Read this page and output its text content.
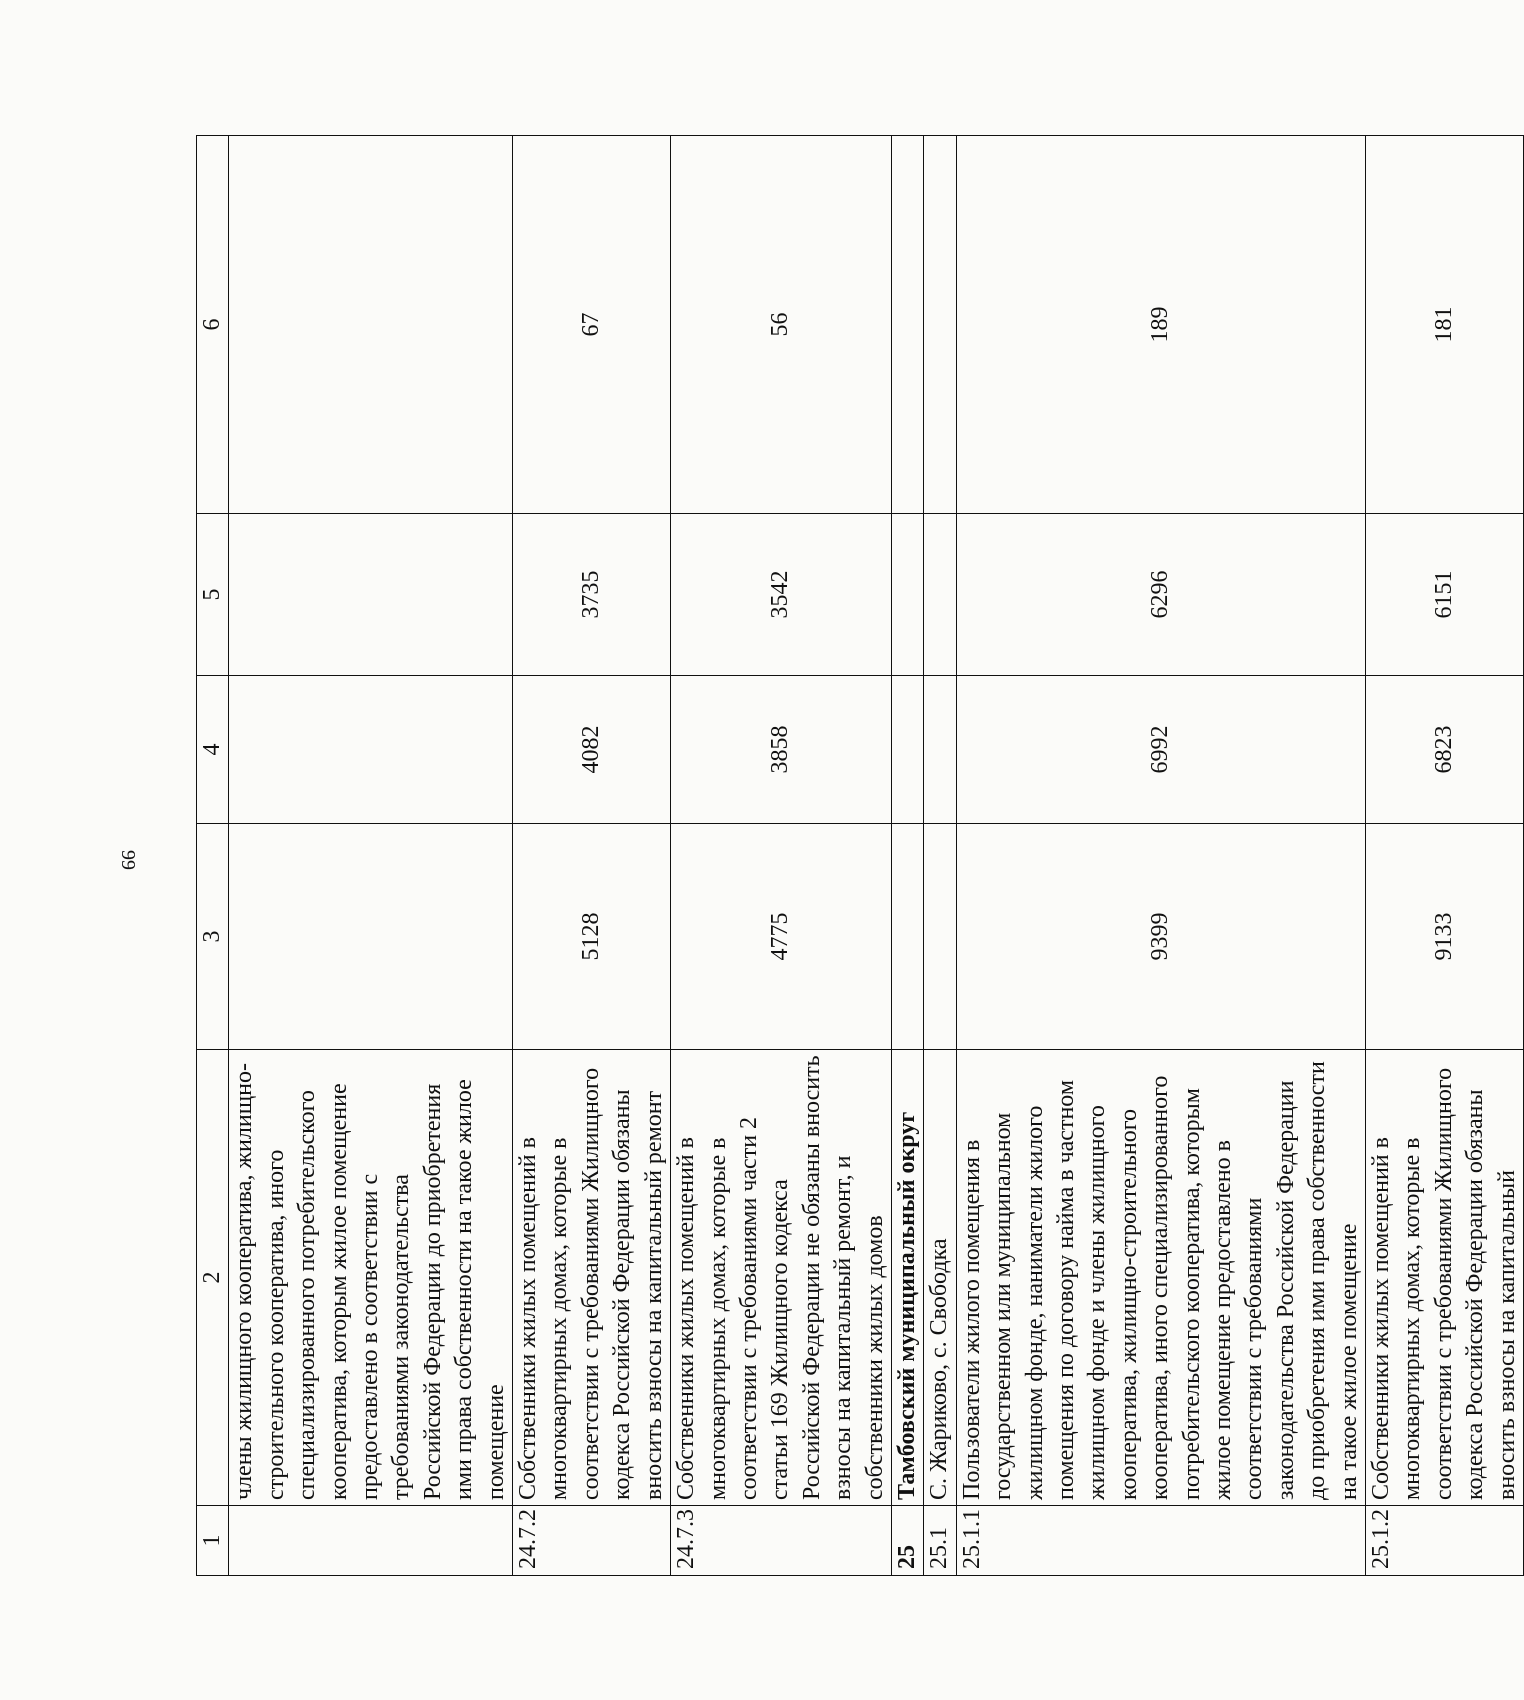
99
1	2	3	4	5	6
	члены жилищного кооператива, жилищно-строительного кооператива, иного специализированного потребительского кооператива, которым жилое помещение предоставлено в соответствии с требованиями законодательства Российской Федерации до приобретения ими права собственности на такое жилое помещение				
24.7.2	Собственники жилых помещений в многоквартирных домах, которые в соответствии с требованиями Жилищного кодекса Российской Федерации обязаны вносить взносы на капитальный ремонт	5128	4082	3735	67
24.7.3	Собственники жилых помещений в многоквартирных домах, которые в соответствии с требованиями части 2 статьи 169 Жилищного кодекса Российской Федерации не обязаны вносить взносы на капитальный ремонт, и собственники жилых домов	4775	3858	3542	56
25	Тамбовский муниципальный округ				
25.1	С. Жариково, с. Свободка				
25.1.1	Пользователи жилого помещения в государственном или муниципальном жилищном фонде, наниматели жилого помещения по договору найма в частном жилищном фонде и члены жилищного кооператива, жилищно-строительного кооператива, иного специализированного потребительского кооператива, которым жилое помещение предоставлено в соответствии с требованиями законодательства Российской Федерации до приобретения ими права собственности на такое жилое помещение	9399	6992	6296	189
25.1.2	Собственники жилых помещений в многоквартирных домах, которые в соответствии с требованиями Жилищного кодекса Российской Федерации обязаны вносить взносы на капитальный	9133	6823	6151	181
